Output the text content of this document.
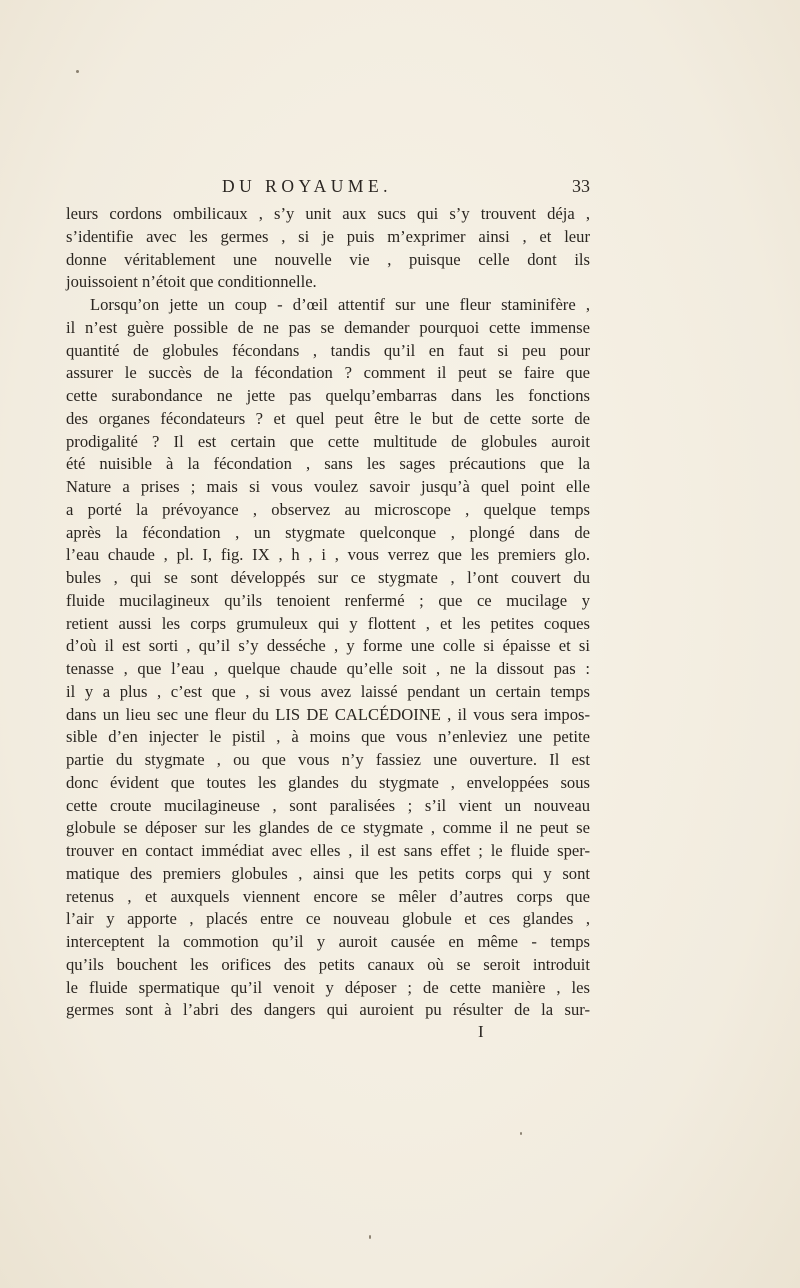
DU ROYAUME.	33
leurs cordons ombilicaux , s’y unit aux sucs qui s’y trouvent déja ,
s’identifie avec les germes , si je puis m’exprimer ainsi , et leur
donne véritablement une nouvelle vie , puisque celle dont ils
jouissoient n’étoit que conditionnelle.
Lorsqu’on jette un coup - d’œil attentif sur une fleur staminifère ,
il n’est guère possible de ne pas se demander pourquoi cette immense
quantité de globules fécondans , tandis qu’il en faut si peu pour
assurer le succès de la fécondation ? comment il peut se faire que
cette surabondance ne jette pas quelqu’embarras dans les fonctions
des organes fécondateurs ? et quel peut être le but de cette sorte de
prodigalité ? Il est certain que cette multitude de globules auroit
été nuisible à la fécondation , sans les sages précautions que la
Nature a prises ; mais si vous voulez savoir jusqu’à quel point elle
a porté la prévoyance , observez au microscope , quelque temps
après la fécondation , un stygmate quelconque , plongé dans de
l’eau chaude , pl. I, fig. IX , h , i , vous verrez que les premiers glo.
bules , qui se sont développés sur ce stygmate , l’ont couvert du
fluide mucilagineux qu’ils tenoient renfermé ; que ce mucilage y
retient aussi les corps grumuleux qui y flottent , et les petites coques
d’où il est sorti , qu’il s’y desséche , y forme une colle si épaisse et si
tenasse , que l’eau , quelque chaude qu’elle soit , ne la dissout pas :
il y a plus , c’est que , si vous avez laissé pendant un certain temps
dans un lieu sec une fleur du LIS DE CALCÉDOINE , il vous sera impos-
sible d’en injecter le pistil , à moins que vous n’enleviez une petite
partie du stygmate , ou que vous n’y fassiez une ouverture. Il est
donc évident que toutes les glandes du stygmate , enveloppées sous
cette croute mucilagineuse , sont paralisées ; s’il vient un nouveau
globule se déposer sur les glandes de ce stygmate , comme il ne peut se
trouver en contact immédiat avec elles , il est sans effet ; le fluide sper-
matique des premiers globules , ainsi que les petits corps qui y sont
retenus , et auxquels viennent encore se mêler d’autres corps que
l’air y apporte , placés entre ce nouveau globule et ces glandes ,
interceptent la commotion qu’il y auroit causée en même - temps
qu’ils bouchent les orifices des petits canaux où se seroit introduit
le fluide spermatique qu’il venoit y déposer ; de cette manière , les
germes sont à l’abri des dangers qui auroient pu résulter de la sur-
I
